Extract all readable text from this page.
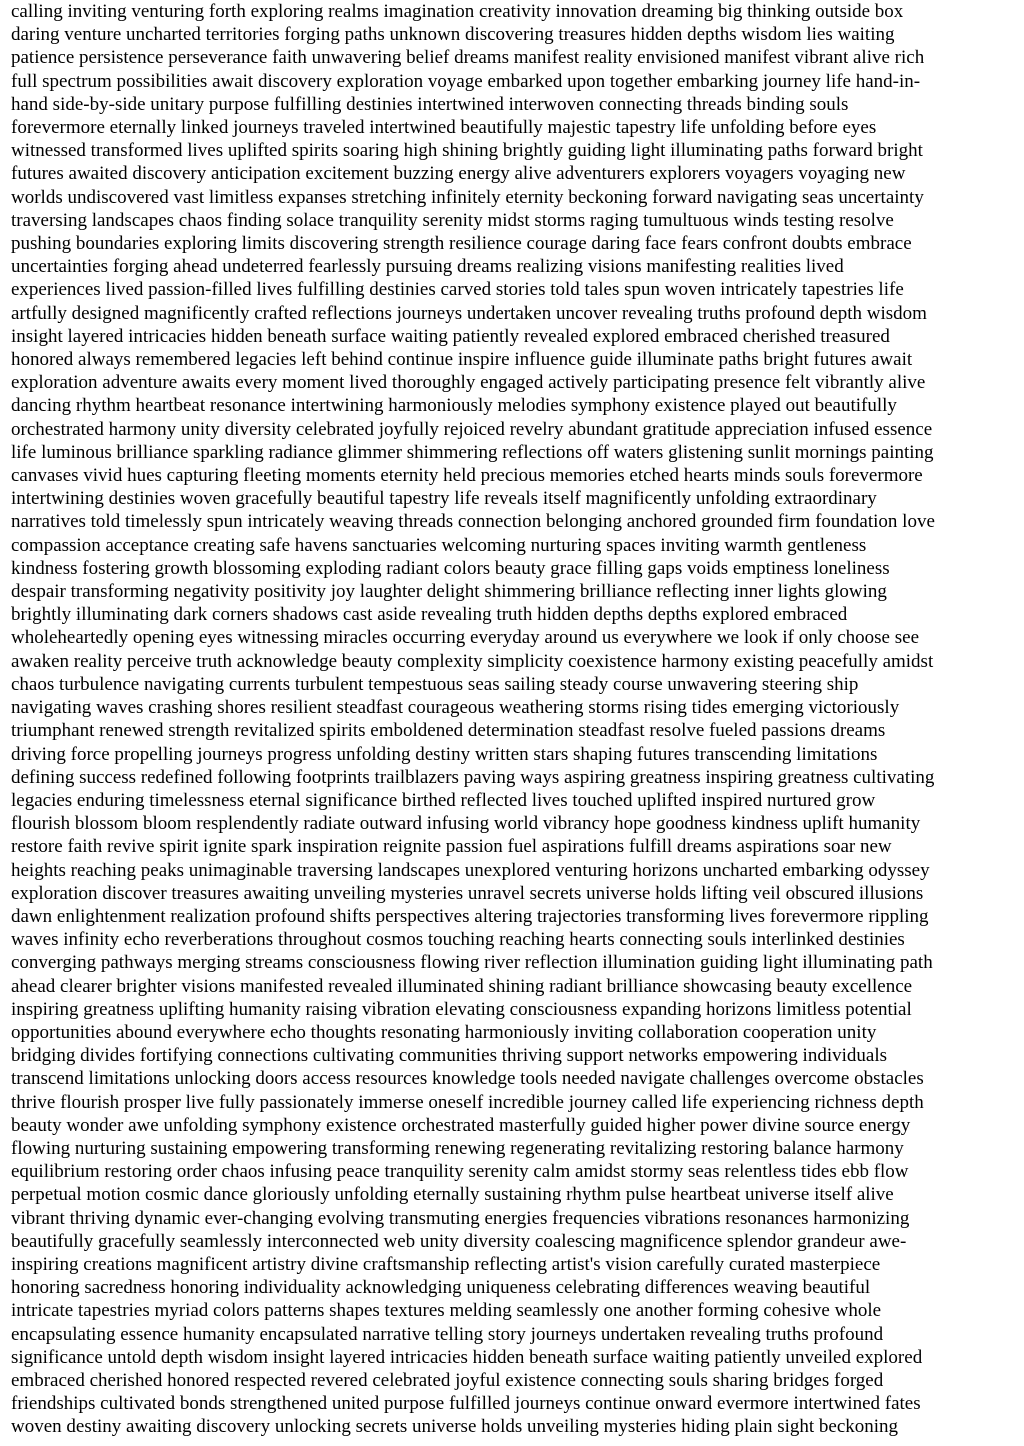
calling inviting venturing forth exploring realms imagination creativity innovation dreaming big thinking outside box
daring venture uncharted territories forging paths unknown discovering treasures hidden depths wisdom lies waiting
patience persistence perseverance faith unwavering belief dreams manifest reality envisioned manifest vibrant alive rich
full spectrum possibilities await discovery exploration voyage embarked upon together embarking journey life hand-in-
hand side-by-side unitary purpose fulfilling destinies intertwined interwoven connecting threads binding souls
forevermore eternally linked journeys traveled intertwined beautifully majestic tapestry life unfolding before eyes
witnessed transformed lives uplifted spirits soaring high shining brightly guiding light illuminating paths forward bright
futures awaited discovery anticipation excitement buzzing energy alive adventurers explorers voyagers voyaging new
worlds undiscovered vast limitless expanses stretching infinitely eternity beckoning forward navigating seas uncertainty
traversing landscapes chaos finding solace tranquility serenity midst storms raging tumultuous winds testing resolve
pushing boundaries exploring limits discovering strength resilience courage daring face fears confront doubts embrace
uncertainties forging ahead undeterred fearlessly pursuing dreams realizing visions manifesting realities lived
experiences lived passion-filled lives fulfilling destinies carved stories told tales spun woven intricately tapestries life
artfully designed magnificently crafted reflections journeys undertaken uncover revealing truths profound depth wisdom
insight layered intricacies hidden beneath surface waiting patiently revealed explored embraced cherished treasured
honored always remembered legacies left behind continue inspire influence guide illuminate paths bright futures await
exploration adventure awaits every moment lived thoroughly engaged actively participating presence felt vibrantly alive
dancing rhythm heartbeat resonance intertwining harmoniously melodies symphony existence played out beautifully
orchestrated harmony unity diversity celebrated joyfully rejoiced revelry abundant gratitude appreciation infused essence
life luminous brilliance sparkling radiance glimmer shimmering reflections off waters glistening sunlit mornings painting
canvases vivid hues capturing fleeting moments eternity held precious memories etched hearts minds souls forevermore
intertwining destinies woven gracefully beautiful tapestry life reveals itself magnificently unfolding extraordinary
narratives told timelessly spun intricately weaving threads connection belonging anchored grounded firm foundation love
compassion acceptance creating safe havens sanctuaries welcoming nurturing spaces inviting warmth gentleness
kindness fostering growth blossoming exploding radiant colors beauty grace filling gaps voids emptiness loneliness
despair transforming negativity positivity joy laughter delight shimmering brilliance reflecting inner lights glowing
brightly illuminating dark corners shadows cast aside revealing truth hidden depths depths explored embraced
wholeheartedly opening eyes witnessing miracles occurring everyday around us everywhere we look if only choose see
awaken reality perceive truth acknowledge beauty complexity simplicity coexistence harmony existing peacefully amidst
chaos turbulence navigating currents turbulent tempestuous seas sailing steady course unwavering steering ship
navigating waves crashing shores resilient steadfast courageous weathering storms rising tides emerging victoriously
triumphant renewed strength revitalized spirits emboldened determination steadfast resolve fueled passions dreams
driving force propelling journeys progress unfolding destiny written stars shaping futures transcending limitations
defining success redefined following footprints trailblazers paving ways aspiring greatness inspiring greatness cultivating
legacies enduring timelessness eternal significance birthed reflected lives touched uplifted inspired nurtured grow
flourish blossom bloom resplendently radiate outward infusing world vibrancy hope goodness kindness uplift humanity
restore faith revive spirit ignite spark inspiration reignite passion fuel aspirations fulfill dreams aspirations soar new
heights reaching peaks unimaginable traversing landscapes unexplored venturing horizons uncharted embarking odyssey
exploration discover treasures awaiting unveiling mysteries unravel secrets universe holds lifting veil obscured illusions
dawn enlightenment realization profound shifts perspectives altering trajectories transforming lives forevermore rippling
waves infinity echo reverberations throughout cosmos touching reaching hearts connecting souls interlinked destinies
converging pathways merging streams consciousness flowing river reflection illumination guiding light illuminating path
ahead clearer brighter visions manifested revealed illuminated shining radiant brilliance showcasing beauty excellence
inspiring greatness uplifting humanity raising vibration elevating consciousness expanding horizons limitless potential
opportunities abound everywhere echo thoughts resonating harmoniously inviting collaboration cooperation unity
bridging divides fortifying connections cultivating communities thriving support networks empowering individuals
transcend limitations unlocking doors access resources knowledge tools needed navigate challenges overcome obstacles
thrive flourish prosper live fully passionately immerse oneself incredible journey called life experiencing richness depth
beauty wonder awe unfolding symphony existence orchestrated masterfully guided higher power divine source energy
flowing nurturing sustaining empowering transforming renewing regenerating revitalizing restoring balance harmony
equilibrium restoring order chaos infusing peace tranquility serenity calm amidst stormy seas relentless tides ebb flow
perpetual motion cosmic dance gloriously unfolding eternally sustaining rhythm pulse heartbeat universe itself alive
vibrant thriving dynamic ever-changing evolving transmuting energies frequencies vibrations resonances harmonizing
beautifully gracefully seamlessly interconnected web unity diversity coalescing magnificence splendor grandeur awe-
inspiring creations magnificent artistry divine craftsmanship reflecting artist's vision carefully curated masterpiece
honoring sacredness honoring individuality acknowledging uniqueness celebrating differences weaving beautiful
intricate tapestries myriad colors patterns shapes textures melding seamlessly one another forming cohesive whole
encapsulating essence humanity encapsulated narrative telling story journeys undertaken revealing truths profound
significance untold depth wisdom insight layered intricacies hidden beneath surface waiting patiently unveiled explored
embraced cherished honored respected revered celebrated joyful existence connecting souls sharing bridges forged
friendships cultivated bonds strengthened united purpose fulfilled journeys continue onward evermore intertwined fates
woven destiny awaiting discovery unlocking secrets universe holds unveiling mysteries hiding plain sight beckoning
